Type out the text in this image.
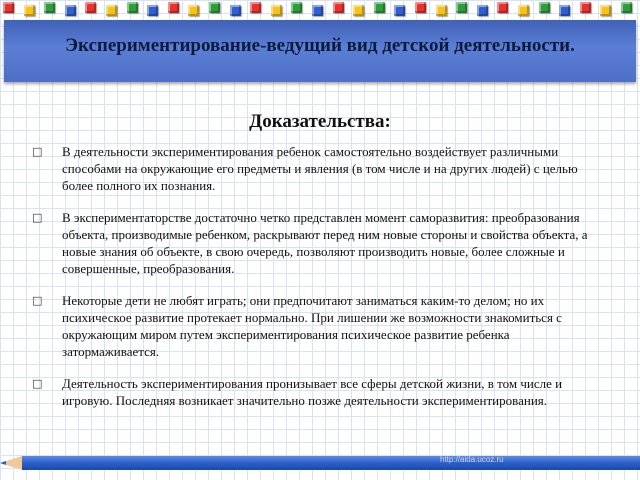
Экспериментирование-ведущий вид детской деятельности.
Доказательства:
□ В деятельности экспериментирования ребенок самостоятельно воздействует различными способами на окружающие его предметы и явления (в том числе и на других людей) с целью более полного их познания.
□ В экспериментаторстве достаточно четко представлен момент саморазвития: преобразования объекта, производимые ребенком, раскрывают перед ним новые стороны и свойства объекта, а новые знания об объекте, в свою очередь, позволяют производить новые, более сложные и совершенные, преобразования.
□ Некоторые дети не любят играть; они предпочитают заниматься каким-то делом; но их психическое развитие протекает нормально. При лишении же возможности знакомиться с окружающим миром путем экспериментирования психическое развитие ребенка затормаживается.
□ Деятельность экспериментирования пронизывает все сферы детской жизни, в том числе и игровую. Последняя возникает значительно позже деятельности экспериментирования.
http://aida.ucoz.ru
